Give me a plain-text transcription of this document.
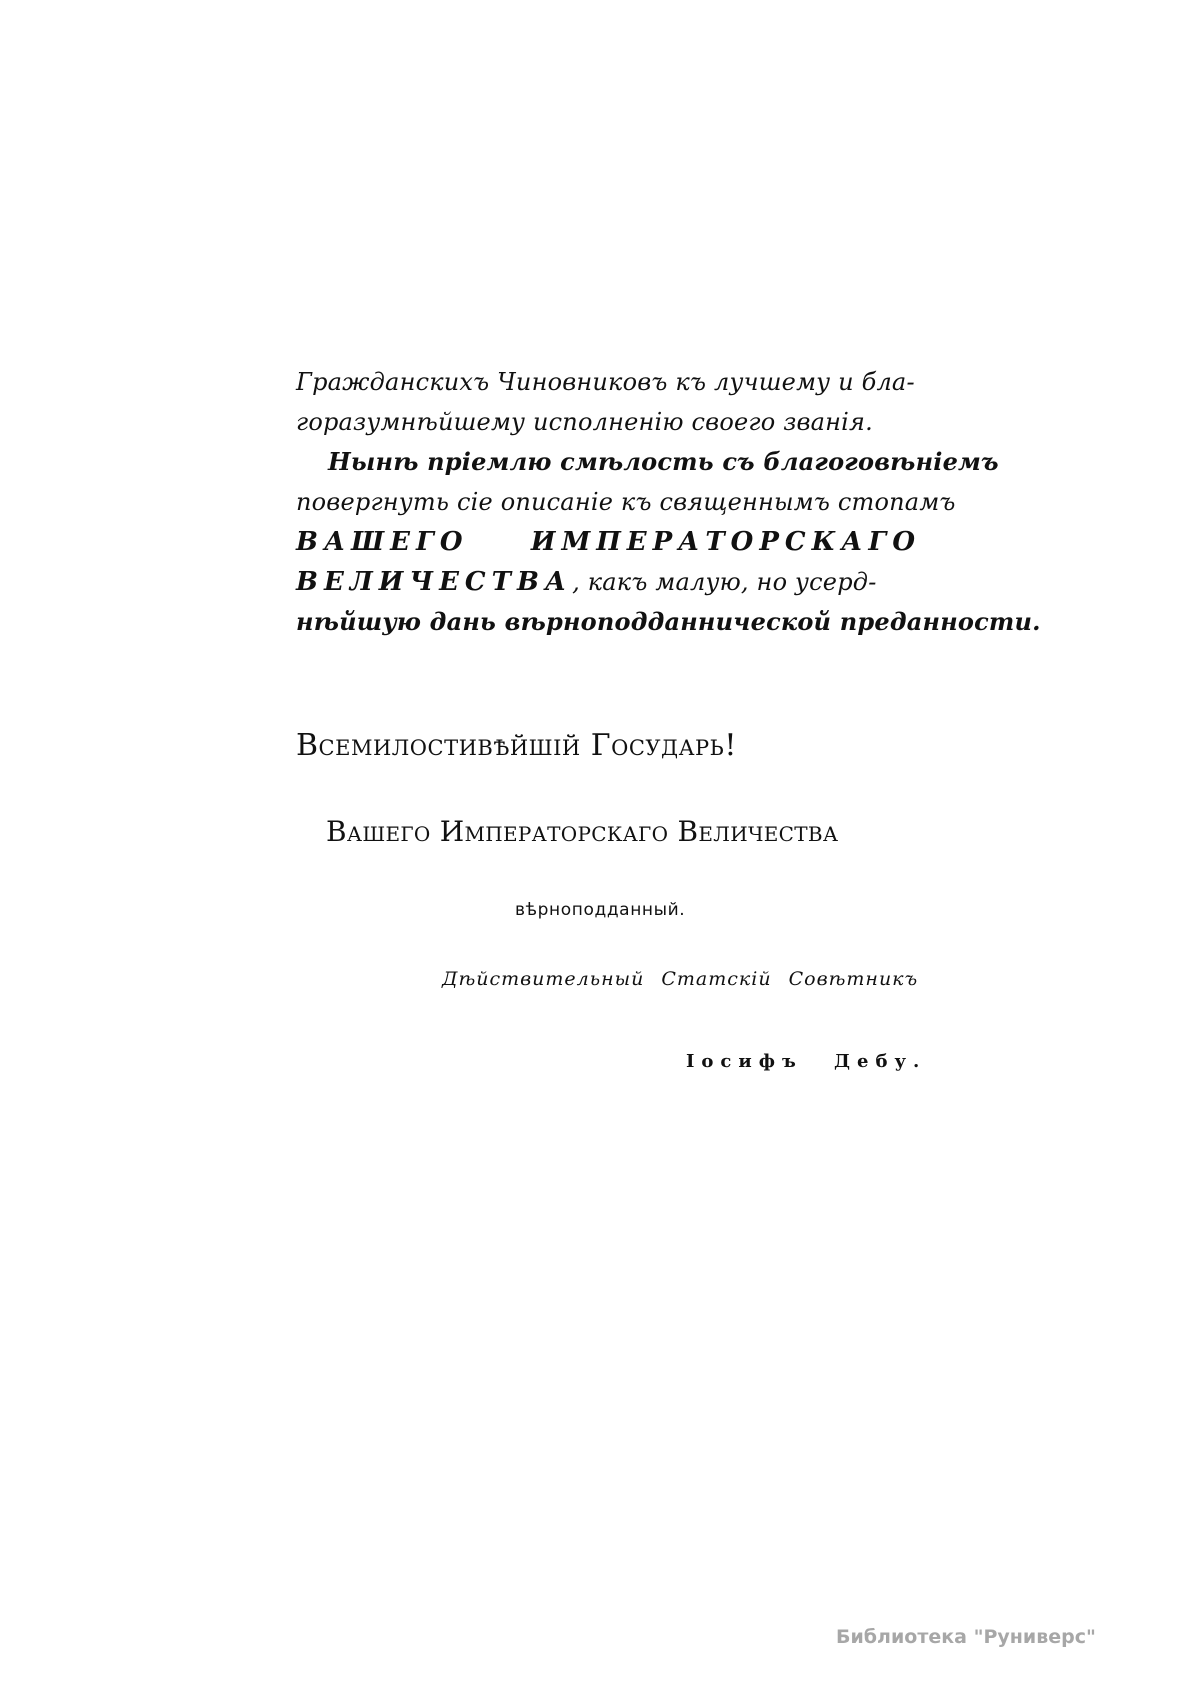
Гражданскихъ Чиновниковъ къ лучшему и бла-
горазумнѣйшему исполненію своего званія.
Нынѣ пріемлю смѣлость съ благоговѣніемъ
повергнуть сіе описаніе къ священнымъ стопамъ
ВАШЕГО ИМПЕРАТОРСКАГО
ВЕЛИЧЕСТВА, какъ малую, но усерд-
нѣйшую дань вѣрноподданнической преданности.
Всемилостивѣйшій Государь!
Вашего Императорскаго Величества
вѣрноподданный.
Дѣйствительный Статскій Совѣтникъ
Іосифъ Дебу.
Библиотека "Руниверс"
